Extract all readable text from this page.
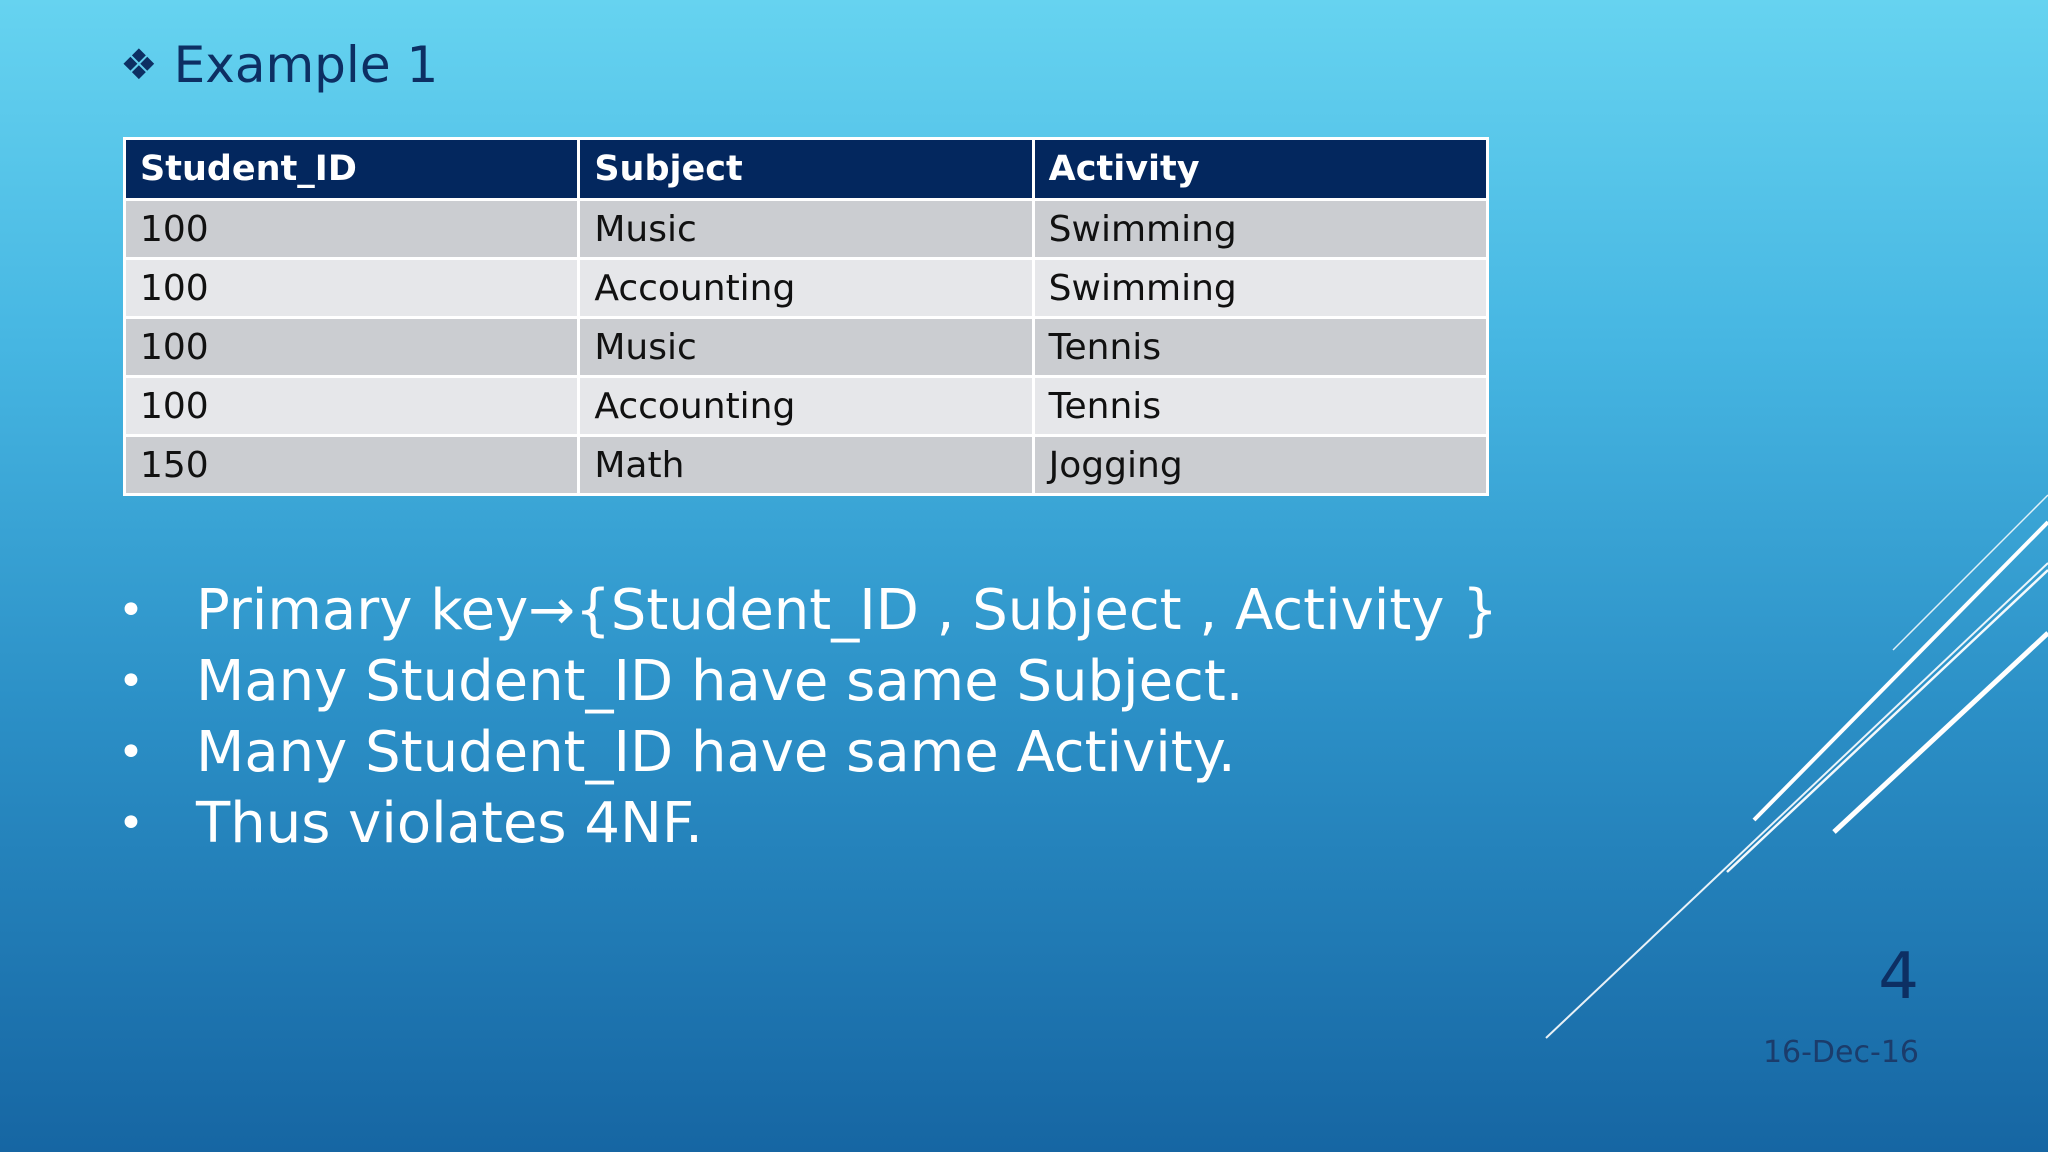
❖ Example 1
Student_ID	Subject	Activity
100	Music	Swimming
100	Accounting	Swimming
100	Music	Tennis
100	Accounting	Tennis
150	Math	Jogging
• Primary key→{Student_ID , Subject , Activity }
• Many Student_ID have same Subject.
• Many Student_ID have same Activity.
• Thus violates 4NF.
4
16-Dec-16
